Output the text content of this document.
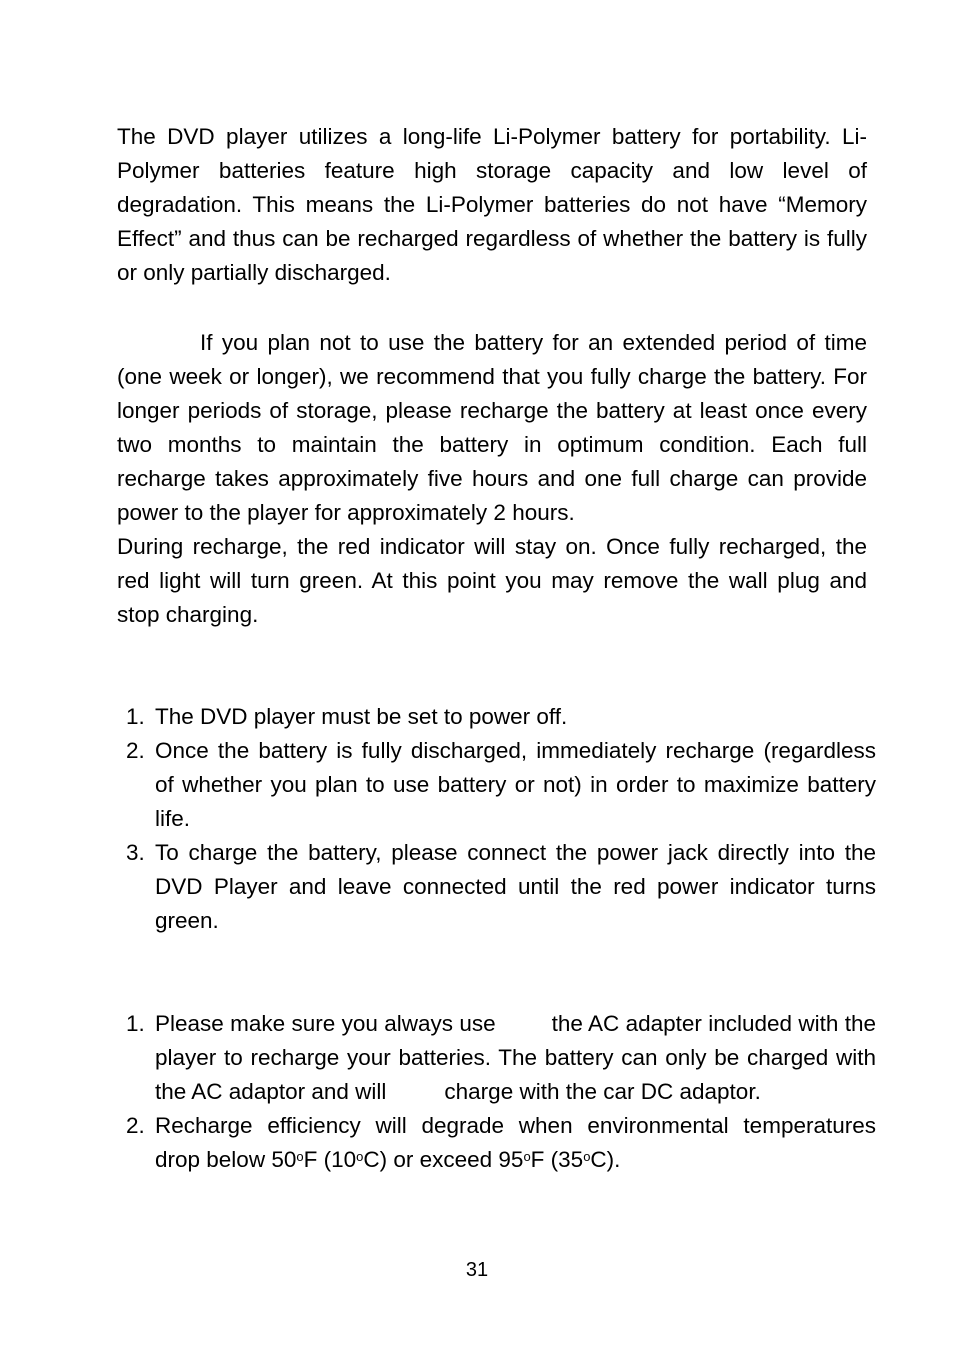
The DVD player utilizes a long-life Li-Polymer battery for portability. Li-Polymer batteries feature high storage capacity and low level of degradation. This means the Li-Polymer batteries do not have “Memory Effect” and thus can be recharged regardless of whether the battery is fully or only partially discharged.

If you plan not to use the battery for an extended period of time (one week or longer), we recommend that you fully charge the battery. For longer periods of storage, please recharge the battery at least once every two months to maintain the battery in optimum condition. Each full recharge takes approximately five hours and one full charge can provide power to the player for approximately 2 hours.

During recharge, the red indicator will stay on. Once fully recharged, the red light will turn green. At this point you may remove the wall plug and stop charging.

1. The DVD player must be set to power off.
2. Once the battery is fully discharged, immediately recharge (regardless of whether you plan to use battery or not) in order to maximize battery life.
3. To charge the battery, please connect the power jack directly into the DVD Player and leave connected until the red power indicator turns green.
1. Please make sure you always use the AC adapter included with the player to recharge your batteries. The battery can only be charged with the AC adaptor and will	charge with the car DC adaptor.
2. Recharge efficiency will degrade when environmental temperatures drop below 50$^o$F (10$^o$C) or exceed 95$^o$F (35$^o$C).
31
